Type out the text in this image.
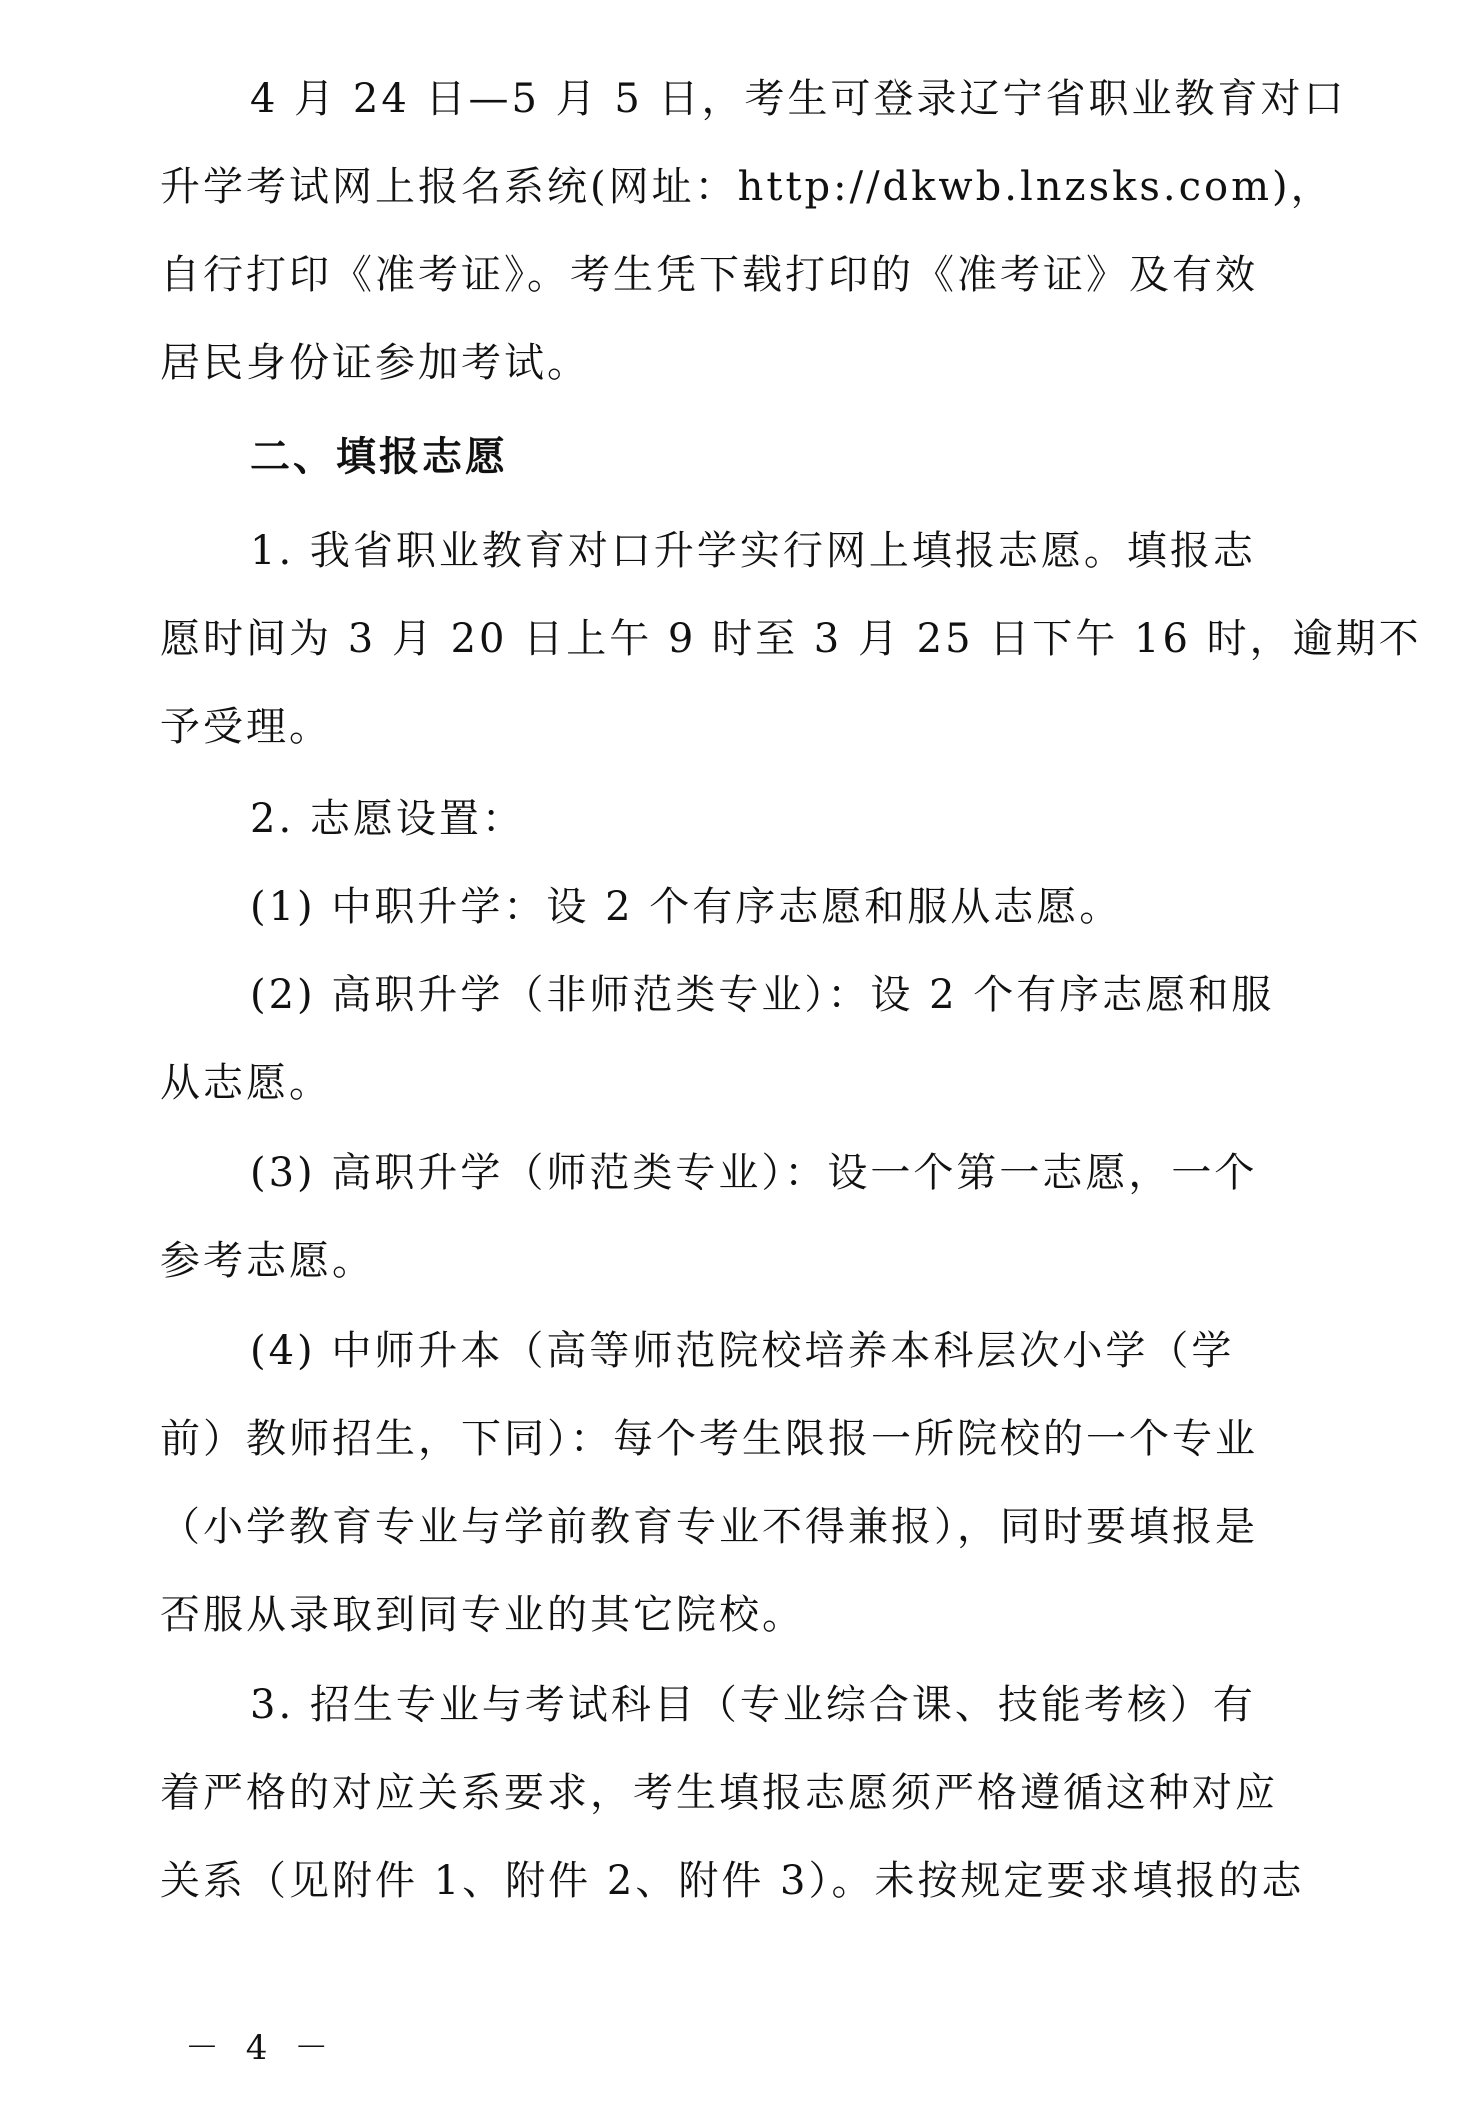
4 月 24 日—5 月 5 日，考生可登录辽宁省职业教育对口
升学考试网上报名系统(网址：http://dkwb.lnzsks.com)，
自行打印《准考证》。考生凭下载打印的《准考证》及有效
居民身份证参加考试。
二、填报志愿
1. 我省职业教育对口升学实行网上填报志愿。填报志
愿时间为 3 月 20 日上午 9 时至 3 月 25 日下午 16 时，逾期不
予受理。
2. 志愿设置：
(1) 中职升学：设 2 个有序志愿和服从志愿。
(2) 高职升学（非师范类专业）：设 2 个有序志愿和服
从志愿。
(3) 高职升学（师范类专业）：设一个第一志愿，一个
参考志愿。
(4) 中师升本（高等师范院校培养本科层次小学（学
前）教师招生，下同）：每个考生限报一所院校的一个专业
（小学教育专业与学前教育专业不得兼报），同时要填报是
否服从录取到同专业的其它院校。
3. 招生专业与考试科目（专业综合课、技能考核）有
着严格的对应关系要求，考生填报志愿须严格遵循这种对应
关系（见附件 1、附件 2、附件 3）。未按规定要求填报的志
－ 4 －
